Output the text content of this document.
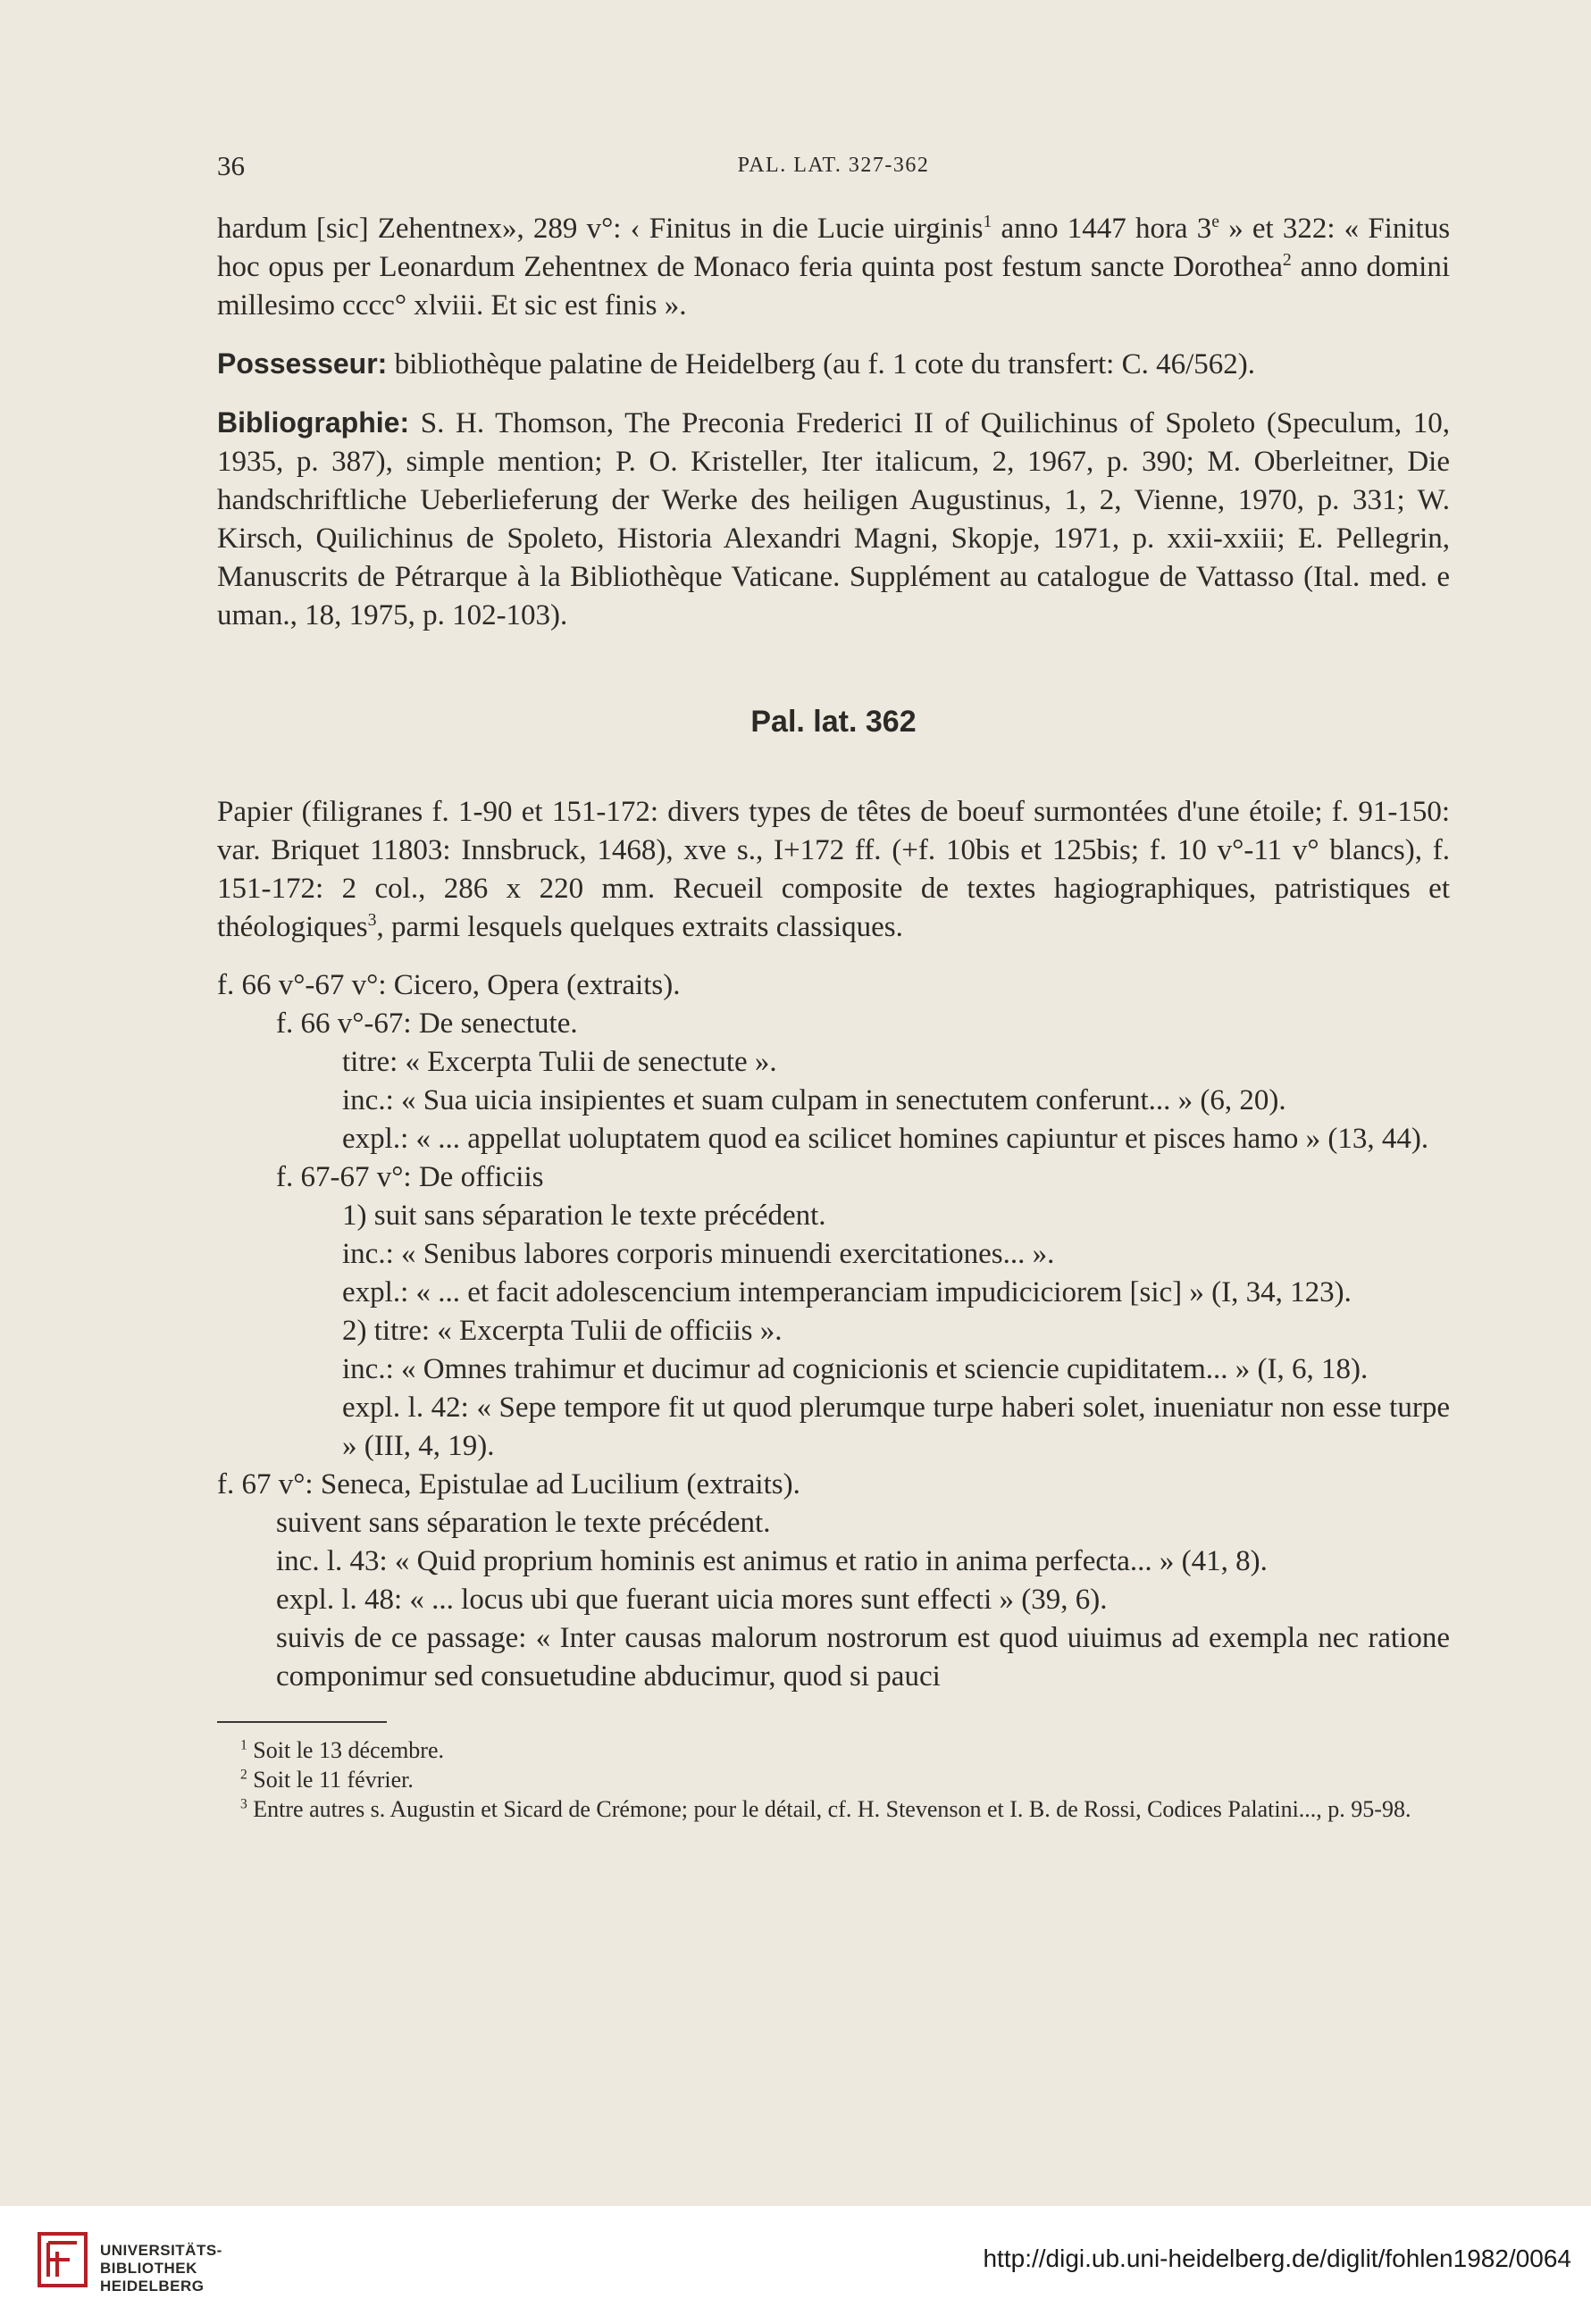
36	PAL. LAT. 327-362

hardum [sic] Zehentnex», 289 v°: ‹ Finitus in die Lucie uirginis$^1$ anno 1447 hora 3e » et 322: « Finitus hoc opus per Leonardum Zehentnex de Monaco feria quinta post festum sancte Dorothea$^2$ anno domini millesimo cccc° xlviii. Et sic est finis ».

Possesseur: bibliothèque palatine de Heidelberg (au f. 1 cote du transfert: C. 46/562).

Bibliographie: S. H. Thomson, The Preconia Frederici II of Quilichinus of Spoleto (Speculum, 10, 1935, p. 387), simple mention; P. O. Kristeller, Iter italicum, 2, 1967, p. 390; M. Oberleitner, Die handschriftliche Ueberlieferung der Werke des heiligen Augustinus, 1, 2, Vienne, 1970, p. 331; W. Kirsch, Quilichinus de Spoleto, Historia Alexandri Magni, Skopje, 1971, p. xxii-xxiii; E. Pellegrin, Manuscrits de Pétrarque à la Bibliothèque Vaticane. Supplément au catalogue de Vattasso (Ital. med. e uman., 18, 1975, p. 102-103).

Pal. lat. 362

Papier (filigranes f. 1-90 et 151-172: divers types de têtes de boeuf surmontées d'une étoile; f. 91-150: var. Briquet 11803: Innsbruck, 1468), xve s., I+172 ff. (+f. 10bis et 125bis; f. 10 v°-11 v° blancs), f. 151-172: 2 col., 286 x 220 mm. Recueil composite de textes hagiographiques, patristiques et théologiques$^3$, parmi lesquels quelques extraits classiques.

f. 66 v°-67 v°: Cicero, Opera (extraits).

f. 66 v°-67: De senectute.

titre: « Excerpta Tulii de senectute ».

inc.: « Sua uicia insipientes et suam culpam in senectutem conferunt... » (6, 20).

expl.: « ... appellat uoluptatem quod ea scilicet homines capiuntur et pisces hamo » (13, 44).

f. 67-67 v°: De officiis

1) suit sans séparation le texte précédent.

inc.: « Senibus labores corporis minuendi exercitationes... ».

expl.: « ... et facit adolescencium intemperanciam impudiciciorem [sic] » (I, 34, 123).

2) titre: « Excerpta Tulii de officiis ».

inc.: « Omnes trahimur et ducimur ad cognicionis et sciencie cupiditatem... » (I, 6, 18).

expl. l. 42: « Sepe tempore fit ut quod plerumque turpe haberi solet, inueniatur non esse turpe » (III, 4, 19).

f. 67 v°: Seneca, Epistulae ad Lucilium (extraits).

suivent sans séparation le texte précédent.

inc. l. 43: « Quid proprium hominis est animus et ratio in anima perfecta... » (41, 8).

expl. l. 48: « ... locus ubi que fuerant uicia mores sunt effecti » (39, 6).

suivis de ce passage: « Inter causas malorum nostrorum est quod uiuimus ad exempla nec ratione componimur sed consuetudine abducimur, quod si pauci

$^1$ Soit le 13 décembre.
$^2$ Soit le 11 février.
$^3$ Entre autres s. Augustin et Sicard de Crémone; pour le détail, cf. H. Stevenson et I. B. de Rossi, Codices Palatini..., p. 95-98.
UNIVERSITÄTS-
BIBLIOTHEK
HEIDELBERG
http://digi.ub.uni-heidelberg.de/diglit/fohlen1982/0064
